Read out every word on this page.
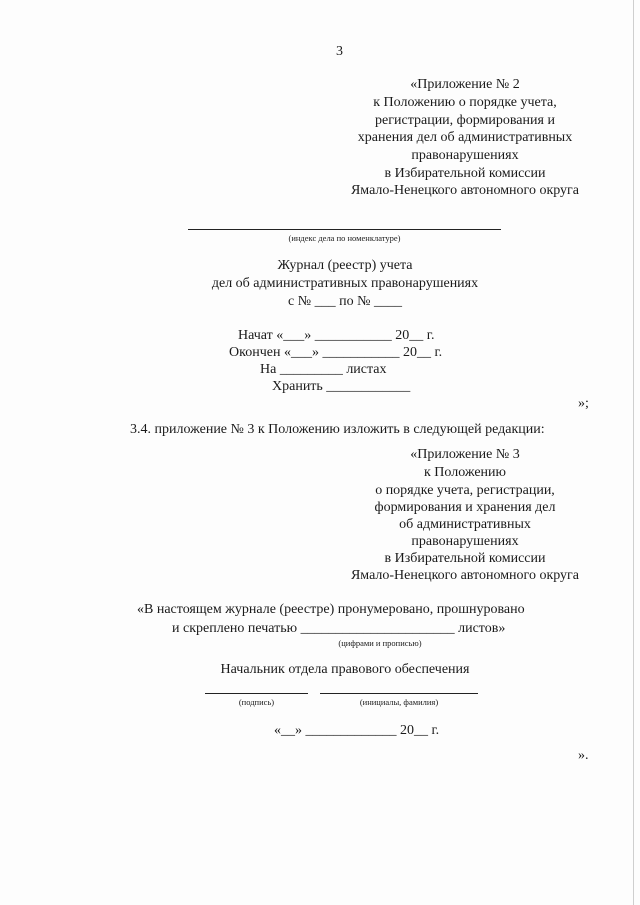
3
«Приложение № 2
к Положению о порядке учета,
регистрации, формирования и
хранения дел об административных
правонарушениях
в Избирательной комиссии
Ямало-Ненецкого автономного округа
(индекс дела по номенклатуре)
Журнал (реестр) учета
дел об административных правонарушениях
с № ___ по № ____
Начат «___» ___________ 20__ г.
Окончен «___» ___________ 20__ г.
На _________ листах
Хранить ____________
»;
3.4. приложение № 3 к Положению изложить в следующей редакции:
«Приложение № 3
к Положению
о порядке учета, регистрации,
формирования и хранения дел
об административных
правонарушениях
в Избирательной комиссии
Ямало-Ненецкого автономного округа
«В настоящем журнале (реестре) пронумеровано, прошнуровано
и скреплено печатью ______________________ листов»
(цифрами и прописью)
Начальник отдела правового обеспечения
(подпись)	(инициалы, фамилия)
«__» _____________ 20__ г.
».
